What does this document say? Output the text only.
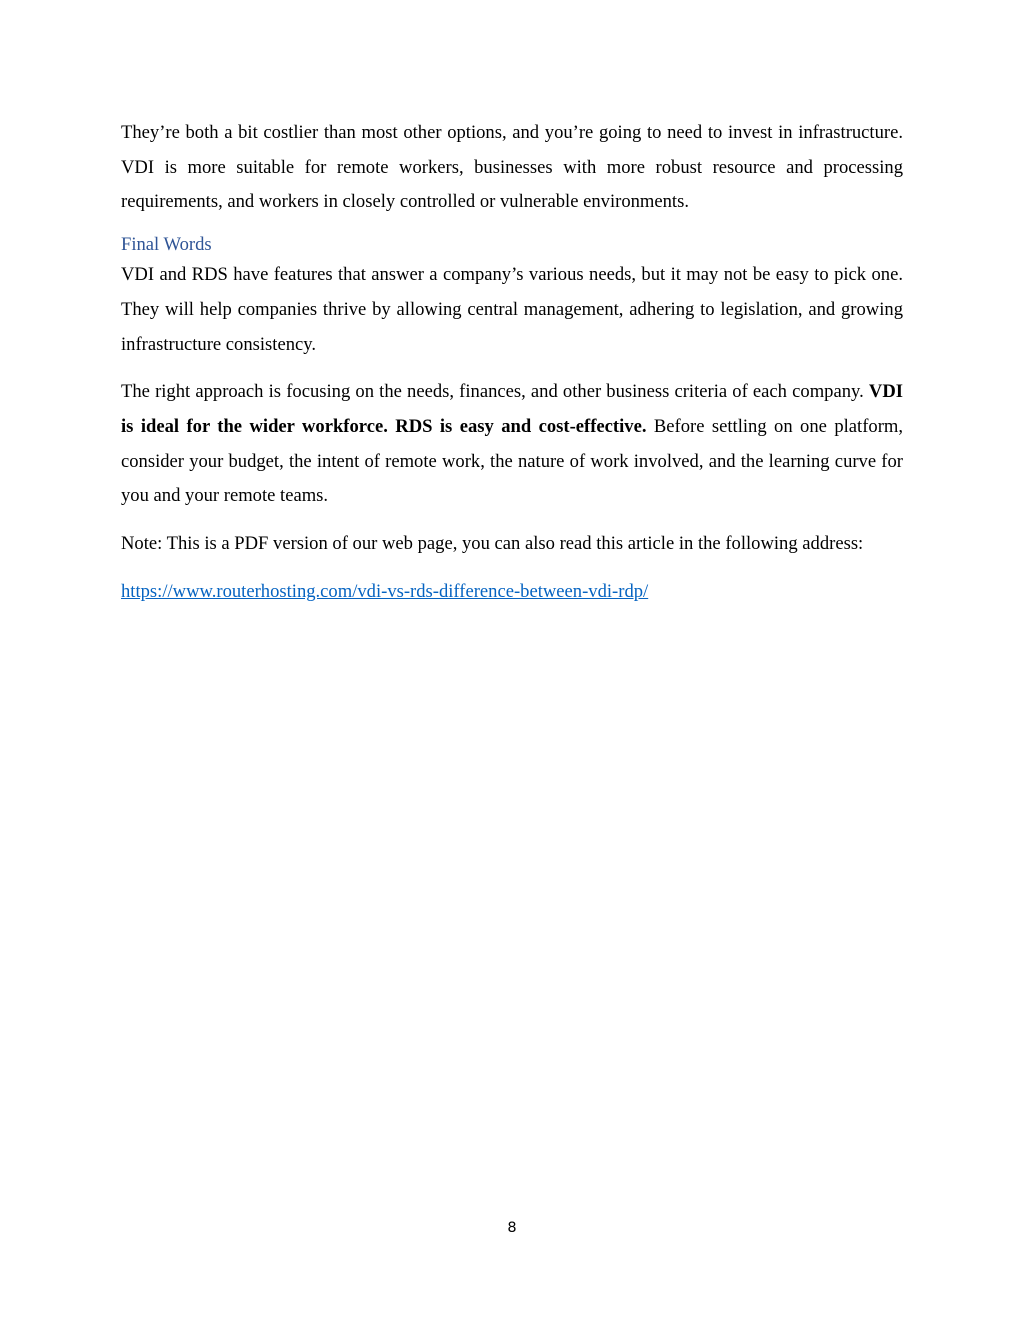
They’re both a bit costlier than most other options, and you’re going to need to invest in infrastructure. VDI is more suitable for remote workers, businesses with more robust resource and processing requirements, and workers in closely controlled or vulnerable environments.

Final Words

VDI and RDS have features that answer a company’s various needs, but it may not be easy to pick one. They will help companies thrive by allowing central management, adhering to legislation, and growing infrastructure consistency.

The right approach is focusing on the needs, finances, and other business criteria of each company. VDI is ideal for the wider workforce. RDS is easy and cost-effective. Before settling on one platform, consider your budget, the intent of remote work, the nature of work involved, and the learning curve for you and your remote teams.

Note: This is a PDF version of our web page, you can also read this article in the following address:

https://www.routerhosting.com/vdi-vs-rds-difference-between-vdi-rdp/

8
